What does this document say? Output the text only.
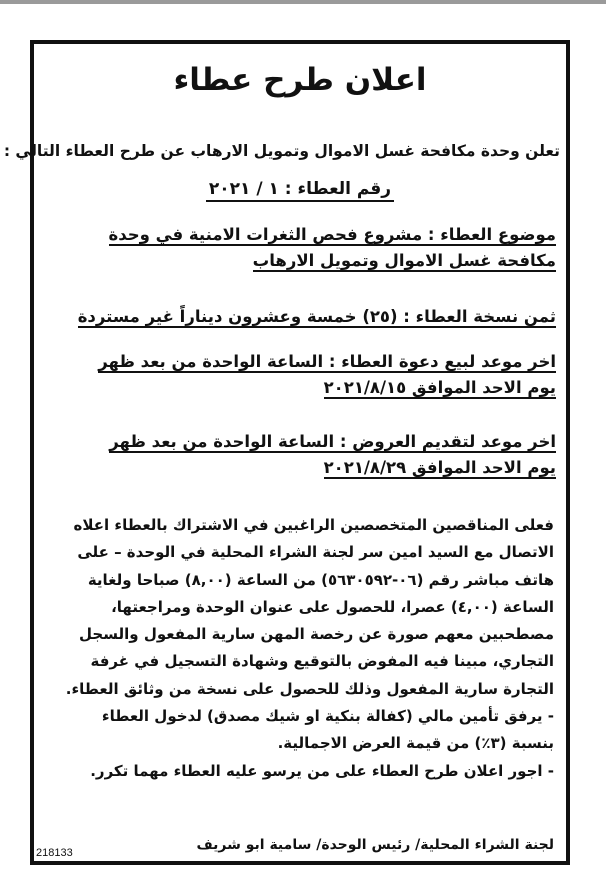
اعلان طرح عطاء
تعلن وحدة مكافحة غسل الاموال وتمويل الارهاب عن طرح العطاء التالي :
رقم العطاء : ١ / ٢٠٢١
موضوع العطاء : مشروع فحص الثغرات الامنية في وحدة
مكافحة غسل الاموال وتمويل الارهاب
ثمن نسخة العطاء : (٢٥) خمسة وعشرون ديناراً غير مستردة
اخر موعد لبيع دعوة العطاء : الساعة الواحدة من بعد ظهر
يوم الاحد الموافق ٢٠٢١/٨/١٥
اخر موعد لتقديم العروض : الساعة الواحدة من بعد ظهر
يوم الاحد الموافق ٢٠٢١/٨/٢٩
فعلى المناقصين المتخصصين الراغبين في الاشتراك بالعطاء اعلاه
الاتصال مع السيد امين سر لجنة الشراء المحلية في الوحدة – على
هاتف مباشر رقم (٠٦-٥٦٣٠٥٩٢) من الساعة (٨,٠٠) صباحا ولغاية
الساعة (٤,٠٠) عصرا، للحصول على عنوان الوحدة ومراجعتها،
مصطحبين معهم صورة عن رخصة المهن سارية المفعول والسجل
التجاري، مبينا فيه المفوض بالتوقيع وشهادة التسجيل في غرفة
التجارة سارية المفعول وذلك للحصول على نسخة من وثائق العطاء.
- يرفق تأمين مالي (كفالة بنكية او شيك مصدق) لدخول العطاء
بنسبة (٣٪) من قيمة العرض الاجمالية.
- اجور اعلان طرح العطاء على من يرسو عليه العطاء مهما تكرر.
لجنة الشراء المحلية/ رئيس الوحدة/ سامية ابو شريف
218133
